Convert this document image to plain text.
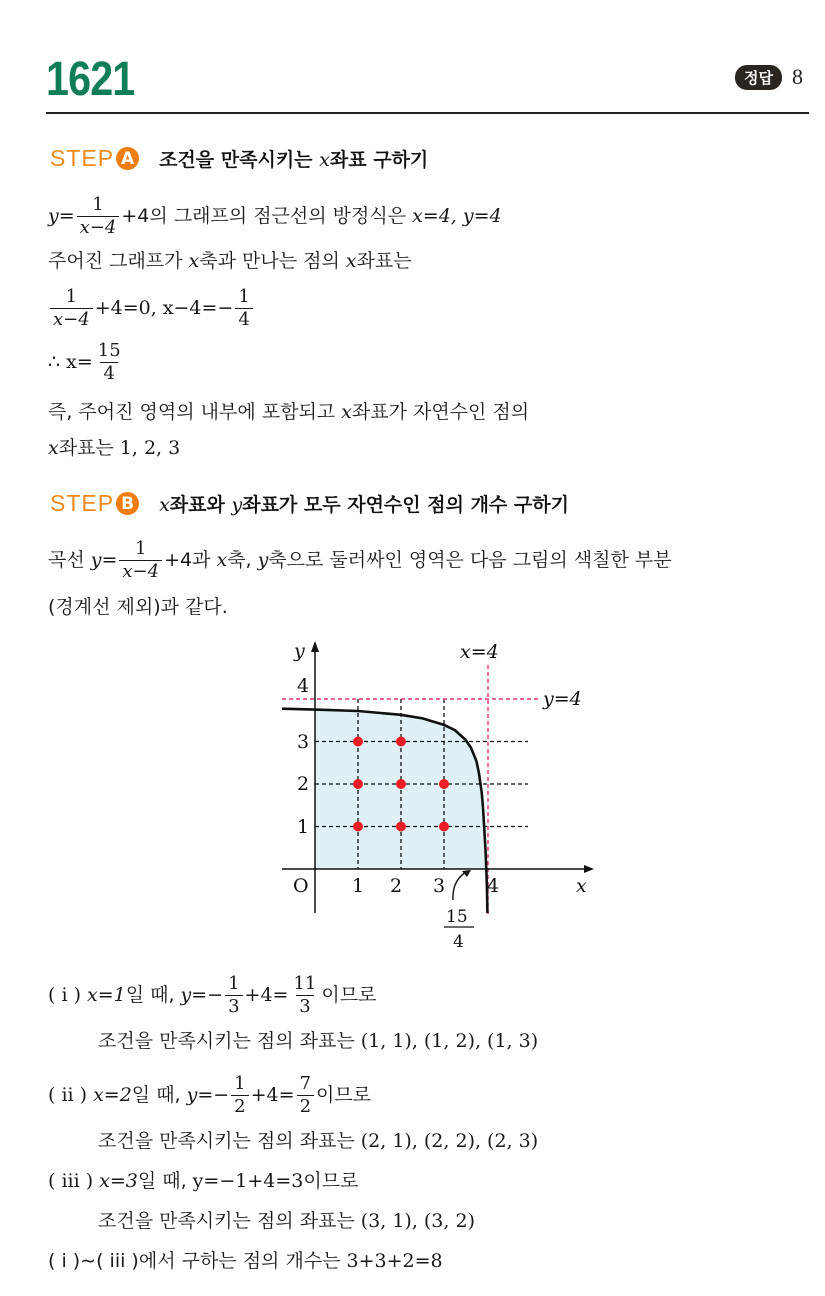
1621	정답 8
STEP A 조건을 만족시키는 x좌표 구하기
$y = \frac{1}{x-4} +4$의 그래프의 점근선의 방정식은 x=4, y=4
주어진 그래프가 x 축과 만나는 점의 x 좌표는
$\frac{1}{x-4} +4=0$, $x-4=- \frac{1}{4}$
∴ $x= \frac{15}{4}$
즉, 주어진 영역의 내부에 포함되고 x 좌표가 자연수인 점의
x 좌표는 1, 2, 3
STEP B x좌표와 y좌표가 모두 자연수인 점의 개수 구하기
곡선 $y = \frac{1}{x-4} +4$과 x 축, y 축으로 둘러싸인 영역은 다음 그림의 색칠한 부분
(경계선 제외)과 같다.
y
x
O
x=4
y=4
1 2 3 4
1
2
3
4
15
4
( i ) x=1 일 때, $y=- \frac{1}{3} +4= \frac{11}{3}$ 이므로
조건을 만족시키는 점의 좌표는 (1, 1), (1, 2), (1, 3)
( ii ) x=2 일 때, $y=- \frac{1}{2} +4= \frac{7}{2}$ 이므로
조건을 만족시키는 점의 좌표는 (2, 1), (2, 2), (2, 3)
( iii ) x=3 일 때, y=−1+4=3 이므로
조건을 만족시키는 점의 좌표는 (3, 1), (3, 2)
( i )∼( iii )에서 구하는 점의 개수는 3+3+2=8
